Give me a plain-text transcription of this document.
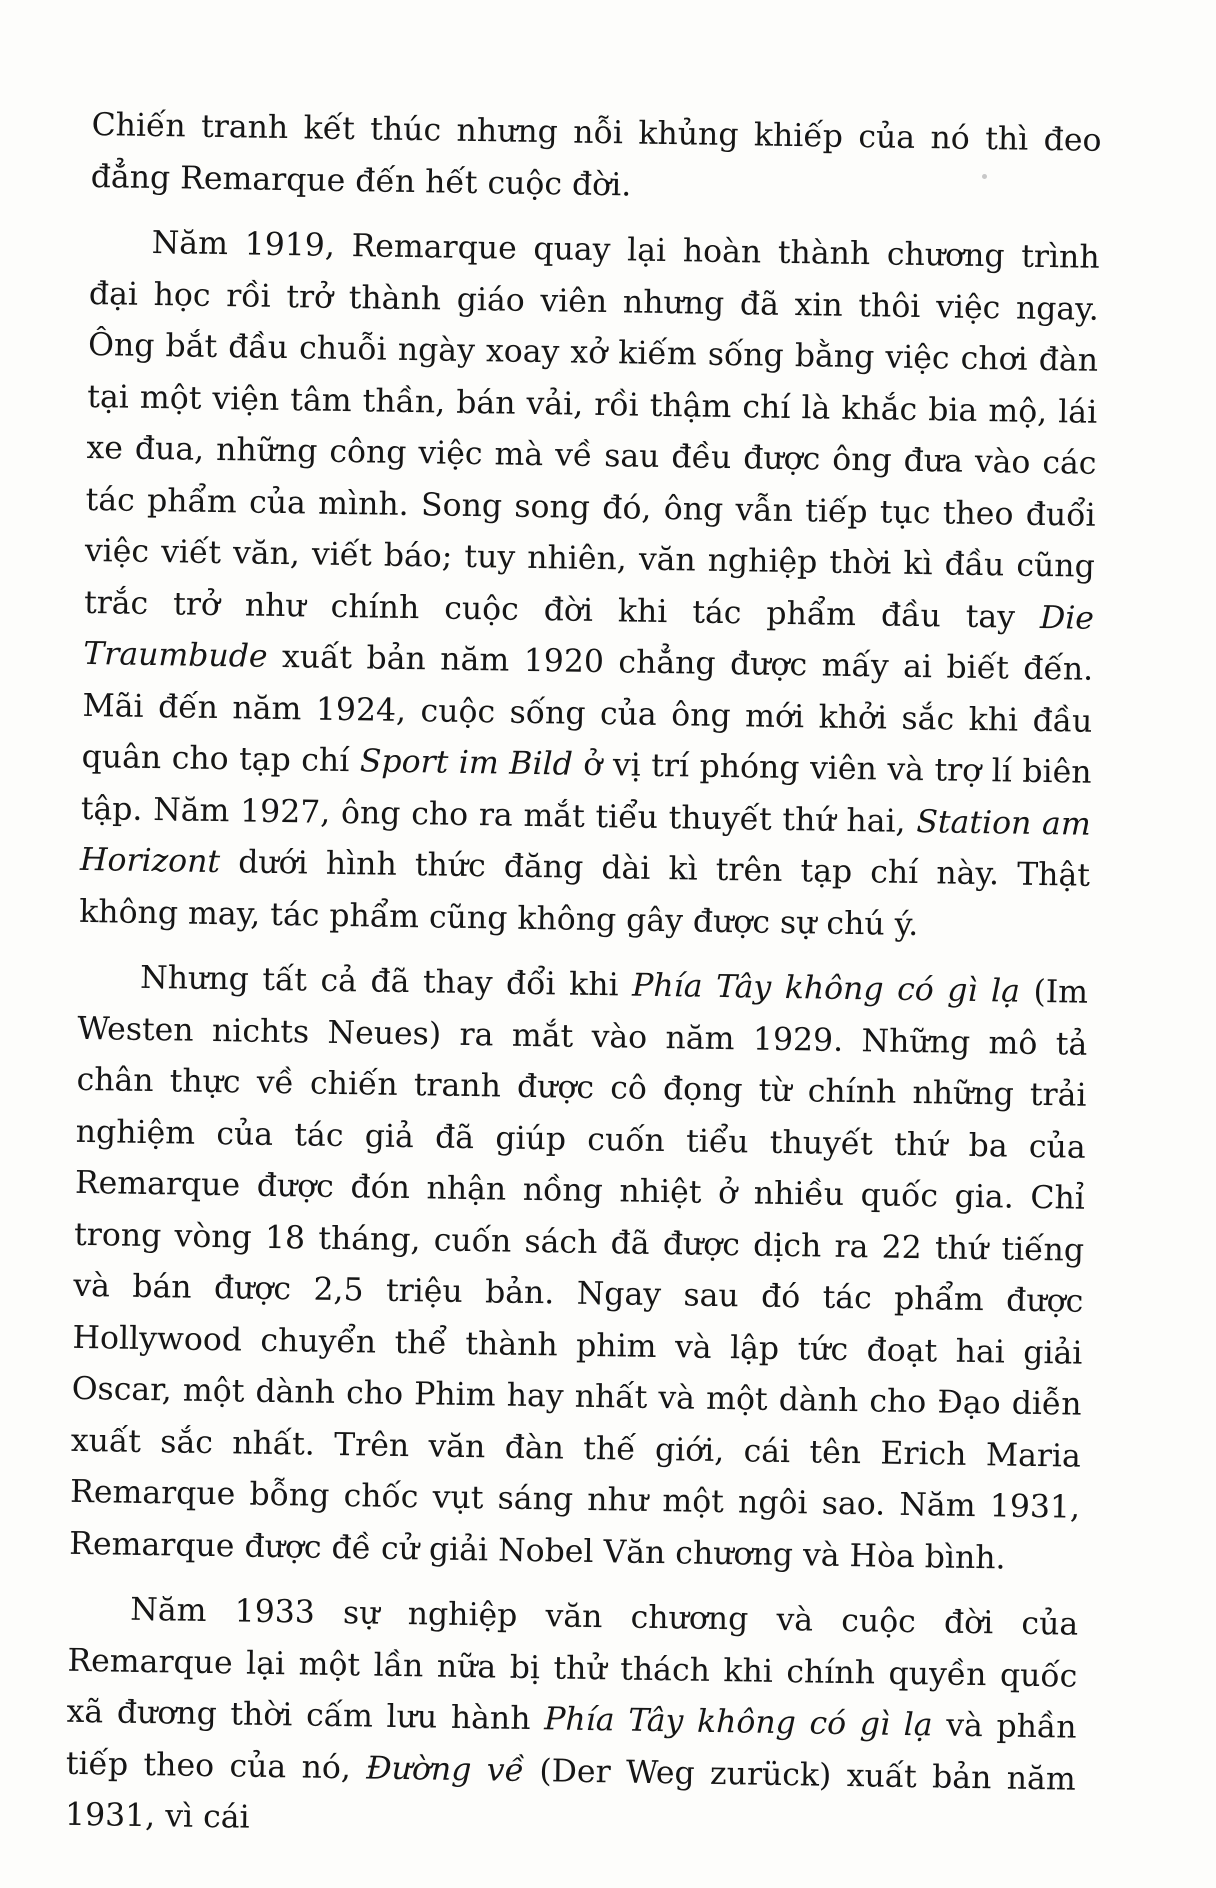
Chiến tranh kết thúc nhưng nỗi khủng khiếp của nó thì đeo đẳng Remarque đến hết cuộc đời.

Năm 1919, Remarque quay lại hoàn thành chương trình đại học rồi trở thành giáo viên nhưng đã xin thôi việc ngay. Ông bắt đầu chuỗi ngày xoay xở kiếm sống bằng việc chơi đàn tại một viện tâm thần, bán vải, rồi thậm chí là khắc bia mộ, lái xe đua, những công việc mà về sau đều được ông đưa vào các tác phẩm của mình. Song song đó, ông vẫn tiếp tục theo đuổi việc viết văn, viết báo; tuy nhiên, văn nghiệp thời kì đầu cũng trắc trở như chính cuộc đời khi tác phẩm đầu tay Die Traumbude xuất bản năm 1920 chẳng được mấy ai biết đến. Mãi đến năm 1924, cuộc sống của ông mới khởi sắc khi đầu quân cho tạp chí Sport im Bild ở vị trí phóng viên và trợ lí biên tập. Năm 1927, ông cho ra mắt tiểu thuyết thứ hai, Station am Horizont dưới hình thức đăng dài kì trên tạp chí này. Thật không may, tác phẩm cũng không gây được sự chú ý.

Nhưng tất cả đã thay đổi khi Phía Tây không có gì lạ (Im Westen nichts Neues) ra mắt vào năm 1929. Những mô tả chân thực về chiến tranh được cô đọng từ chính những trải nghiệm của tác giả đã giúp cuốn tiểu thuyết thứ ba của Remarque được đón nhận nồng nhiệt ở nhiều quốc gia. Chỉ trong vòng 18 tháng, cuốn sách đã được dịch ra 22 thứ tiếng và bán được 2,5 triệu bản. Ngay sau đó tác phẩm được Hollywood chuyển thể thành phim và lập tức đoạt hai giải Oscar, một dành cho Phim hay nhất và một dành cho Đạo diễn xuất sắc nhất. Trên văn đàn thế giới, cái tên Erich Maria Remarque bỗng chốc vụt sáng như một ngôi sao. Năm 1931, Remarque được đề cử giải Nobel Văn chương và Hòa bình.

Năm 1933 sự nghiệp văn chương và cuộc đời của Remarque lại một lần nữa bị thử thách khi chính quyền quốc xã đương thời cấm lưu hành Phía Tây không có gì lạ và phần tiếp theo của nó, Đường về (Der Weg zurück) xuất bản năm 1931, vì cái
